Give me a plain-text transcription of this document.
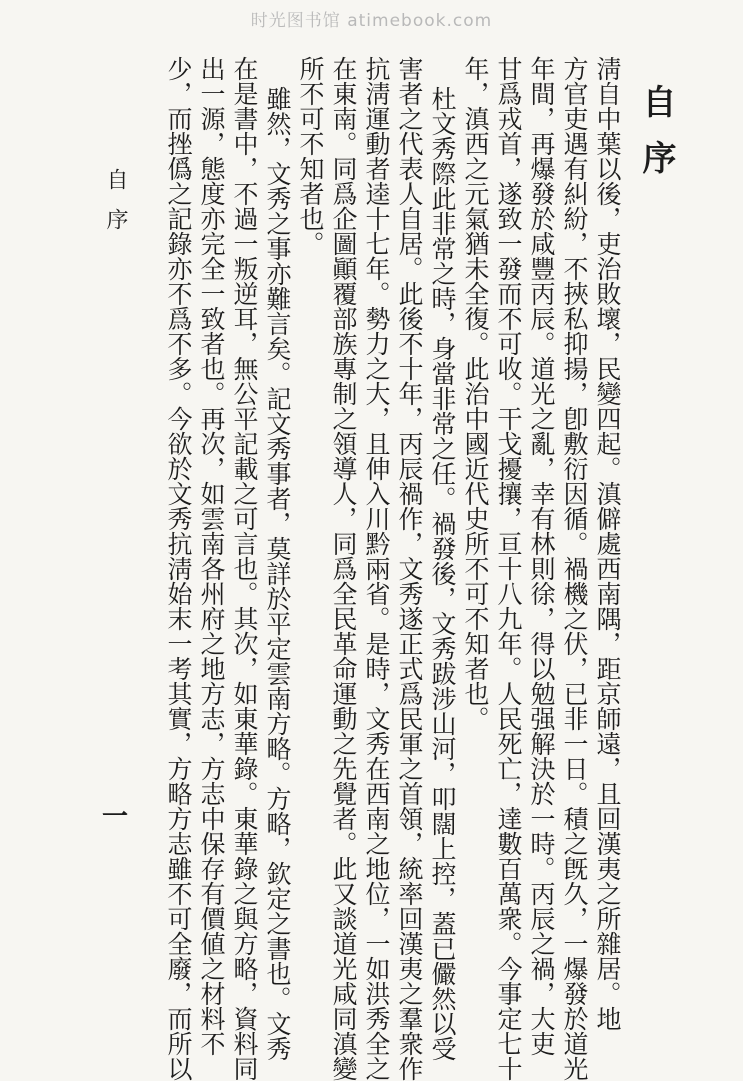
时光图书馆 atimebook.com
自序
淸自中葉以後，吏治敗壞，民變四起。滇僻處西南隅，距京師遠，且回漢夷之所雜居。地
方官吏遇有糾紛，不挾私抑揚，卽敷衍因循。禍機之伏，已非一日。積之旣久，一爆發於道光
年間，再爆發於咸豐丙辰。道光之亂，幸有林則徐，得以勉强解決於一時。丙辰之禍，大吏
甘爲戎首，遂致一發而不可收。干戈擾攘，亘十八九年。人民死亡，達數百萬衆。今事定七十
年，滇西之元氣猶未全復。此治中國近代史所不可不知者也。
杜文秀際此非常之時，身當非常之任。禍發後，文秀跋涉山河，叩闊上控，蓋已儼然以受
害者之代表人自居。此後不十年，丙辰禍作，文秀遂正式爲民軍之首領，統率回漢夷之羣衆作
抗淸運動者逵十七年。勢力之大，且伸入川黔兩省。是時，文秀在西南之地位，一如洪秀全之
在東南。同爲企圖顚覆部族專制之領導人，同爲全民革命運動之先覺者。此又談道光咸同滇變
所不可不知者也。
雖然，文秀之事亦難言矣。記文秀事者，莫詳於平定雲南方略。方略，欽定之書也。文秀
在是書中，不過一叛逆耳，無公平記載之可言也。其次，如東華錄。東華錄之與方略，資料同
出一源，態度亦完全一致者也。再次，如雲南各州府之地方志，方志中保存有價値之材料不
少，而挫僞之記錄亦不爲不多。今欲於文秀抗淸始末一考其實，方略方志雖不可全廢，而所以
自序
一
